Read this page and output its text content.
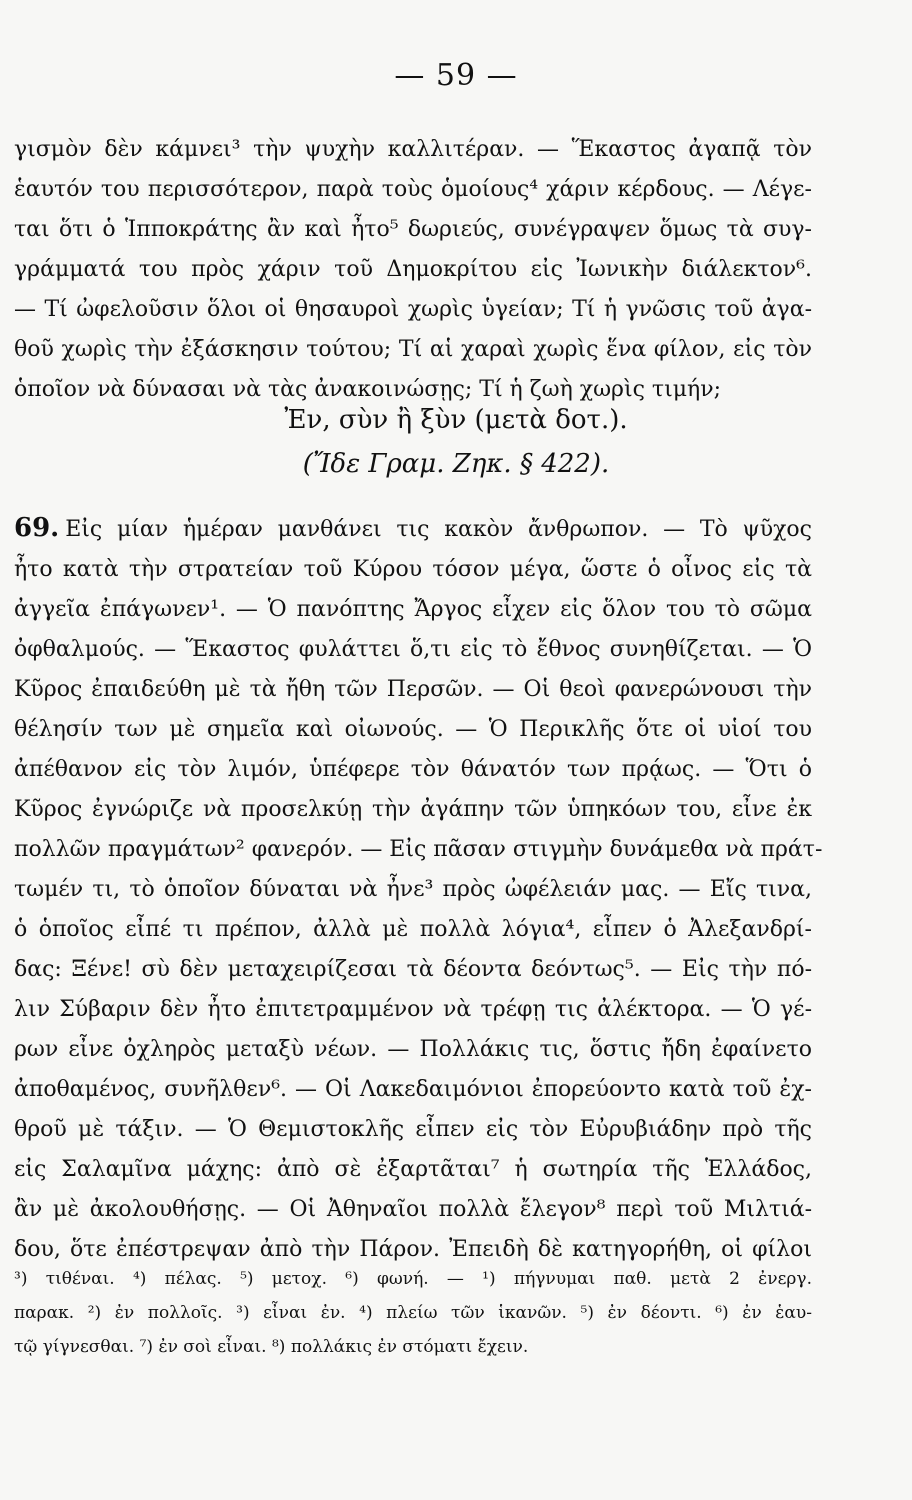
— 59 —
γισμὸν δὲν κάμνει³ τὴν ψυχὴν καλλιτέραν. — Ἕκαστος ἀγαπᾷ τὸν
ἑαυτόν του περισσότερον, παρὰ τοὺς ὁμοίους⁴ χάριν κέρδους. — Λέγε-
ται ὅτι ὁ Ἱπποκράτης ἂν καὶ ἦτο⁵ δωριεύς, συνέγραψεν ὅμως τὰ συγ-
γράμματά του πρὸς χάριν τοῦ Δημοκρίτου εἰς Ἰωνικὴν διάλεκτον⁶.
— Τί ὠφελοῦσιν ὅλοι οἱ θησαυροὶ χωρὶς ὑγείαν; Τί ἡ γνῶσις τοῦ ἀγα-
θοῦ χωρὶς τὴν ἐξάσκησιν τούτου; Τί αἱ χαραὶ χωρὶς ἕνα φίλον, εἰς τὸν
ὁποῖον νὰ δύνασαι νὰ τὰς ἀνακοινώσῃς; Τί ἡ ζωὴ χωρὶς τιμήν;
Ἐν, σὺν ἢ ξὺν (μετὰ δοτ.).
(Ἴδε Γραμ. Ζηκ. § 422).
69. Εἰς μίαν ἡμέραν μανθάνει τις κακὸν ἄνθρωπον. — Τὸ ψῦχος
ἦτο κατὰ τὴν στρατείαν τοῦ Κύρου τόσον μέγα, ὥστε ὁ οἶνος εἰς τὰ
ἀγγεῖα ἐπάγωνεν¹. — Ὁ πανόπτης Ἄργος εἶχεν εἰς ὅλον του τὸ σῶμα
ὀφθαλμούς. — Ἕκαστος φυλάττει ὅ,τι εἰς τὸ ἔθνος συνηθίζεται. — Ὁ
Κῦρος ἐπαιδεύθη μὲ τὰ ἤθη τῶν Περσῶν. — Οἱ θεοὶ φανερώνουσι τὴν
θέλησίν των μὲ σημεῖα καὶ οἰωνούς. — Ὁ Περικλῆς ὅτε οἱ υἱοί του
ἀπέθανον εἰς τὸν λιμόν, ὑπέφερε τὸν θάνατόν των πρᾴως. — Ὅτι ὁ
Κῦρος ἐγνώριζε νὰ προσελκύῃ τὴν ἀγάπην τῶν ὑπηκόων του, εἶνε ἐκ
πολλῶν πραγμάτων² φανερόν. — Εἰς πᾶσαν στιγμὴν δυνάμεθα νὰ πράτ-
τωμέν τι, τὸ ὁποῖον δύναται νὰ ἦνε³ πρὸς ὠφέλειάν μας. — Εἴς τινα,
ὁ ὁποῖος εἶπέ τι πρέπον, ἀλλὰ μὲ πολλὰ λόγια⁴, εἶπεν ὁ Ἀλεξανδρί-
δας: Ξένε! σὺ δὲν μεταχειρίζεσαι τὰ δέοντα δεόντως⁵. — Εἰς τὴν πό-
λιν Σύβαριν δὲν ἦτο ἐπιτετραμμένον νὰ τρέφῃ τις ἀλέκτορα. — Ὁ γέ-
ρων εἶνε ὀχληρὸς μεταξὺ νέων. — Πολλάκις τις, ὅστις ἤδη ἐφαίνετο
ἀποθαμένος, συνῆλθεν⁶. — Οἱ Λακεδαιμόνιοι ἐπορεύοντο κατὰ τοῦ ἐχ-
θροῦ μὲ τάξιν. — Ὁ Θεμιστοκλῆς εἶπεν εἰς τὸν Εὐρυβιάδην πρὸ τῆς
εἰς Σαλαμῖνα μάχης: ἀπὸ σὲ ἐξαρτᾶται⁷ ἡ σωτηρία τῆς Ἑλλάδος,
ἂν μὲ ἀκολουθήσῃς. — Οἱ Ἀθηναῖοι πολλὰ ἔλεγον⁸ περὶ τοῦ Μιλτιά-
δου, ὅτε ἐπέστρεψαν ἀπὸ τὴν Πάρον. Ἐπειδὴ δὲ κατηγορήθη, οἱ φίλοι
³) τιθέναι. ⁴) πέλας. ⁵) μετοχ. ⁶) φωνή. — ¹) πήγνυμαι παθ. μετὰ 2 ἐνεργ.
παρακ. ²) ἐν πολλοῖς. ³) εἶναι ἐν. ⁴) πλείω τῶν ἱκανῶν. ⁵) ἐν δέοντι. ⁶) ἐν ἑαυ-
τῷ γίγνεσθαι. ⁷) ἐν σοὶ εἶναι. ⁸) πολλάκις ἐν στόματι ἔχειν.
